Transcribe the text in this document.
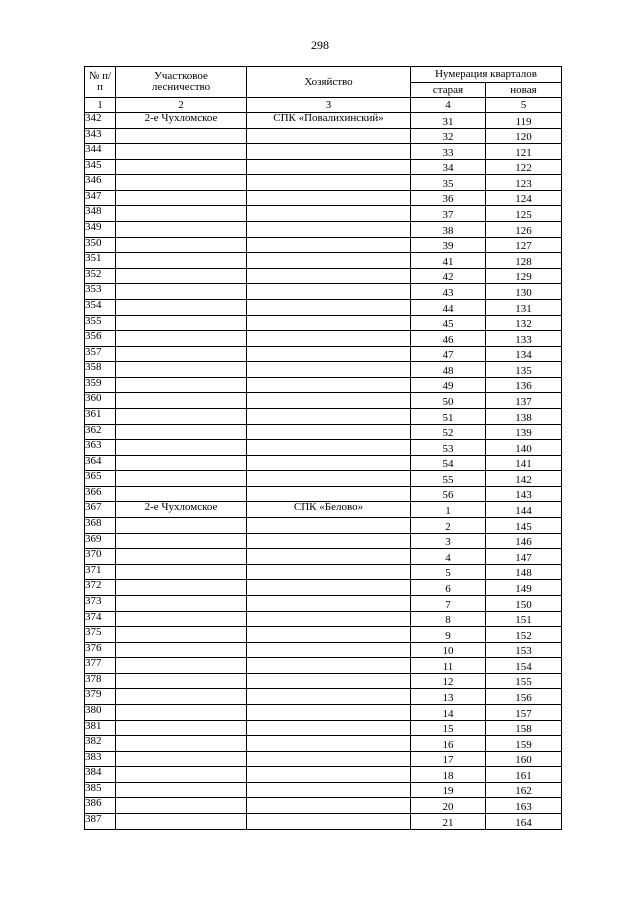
298
№ п/п	Участковое лесничество	Хозяйство	Нумерация кварталов	
			старая	новая
1	2	3	4	5
342	2-е Чухломское	СПК «Повалихинский»	31	119
343			32	120
344			33	121
345			34	122
346			35	123
347			36	124
348			37	125
349			38	126
350			39	127
351			41	128
352			42	129
353			43	130
354			44	131
355			45	132
356			46	133
357			47	134
358			48	135
359			49	136
360			50	137
361			51	138
362			52	139
363			53	140
364			54	141
365			55	142
366			56	143
367	2-е Чухломское	СПК «Белово»	1	144
368			2	145
369			3	146
370			4	147
371			5	148
372			6	149
373			7	150
374			8	151
375			9	152
376			10	153
377			11	154
378			12	155
379			13	156
380			14	157
381			15	158
382			16	159
383			17	160
384			18	161
385			19	162
386			20	163
387			21	164
